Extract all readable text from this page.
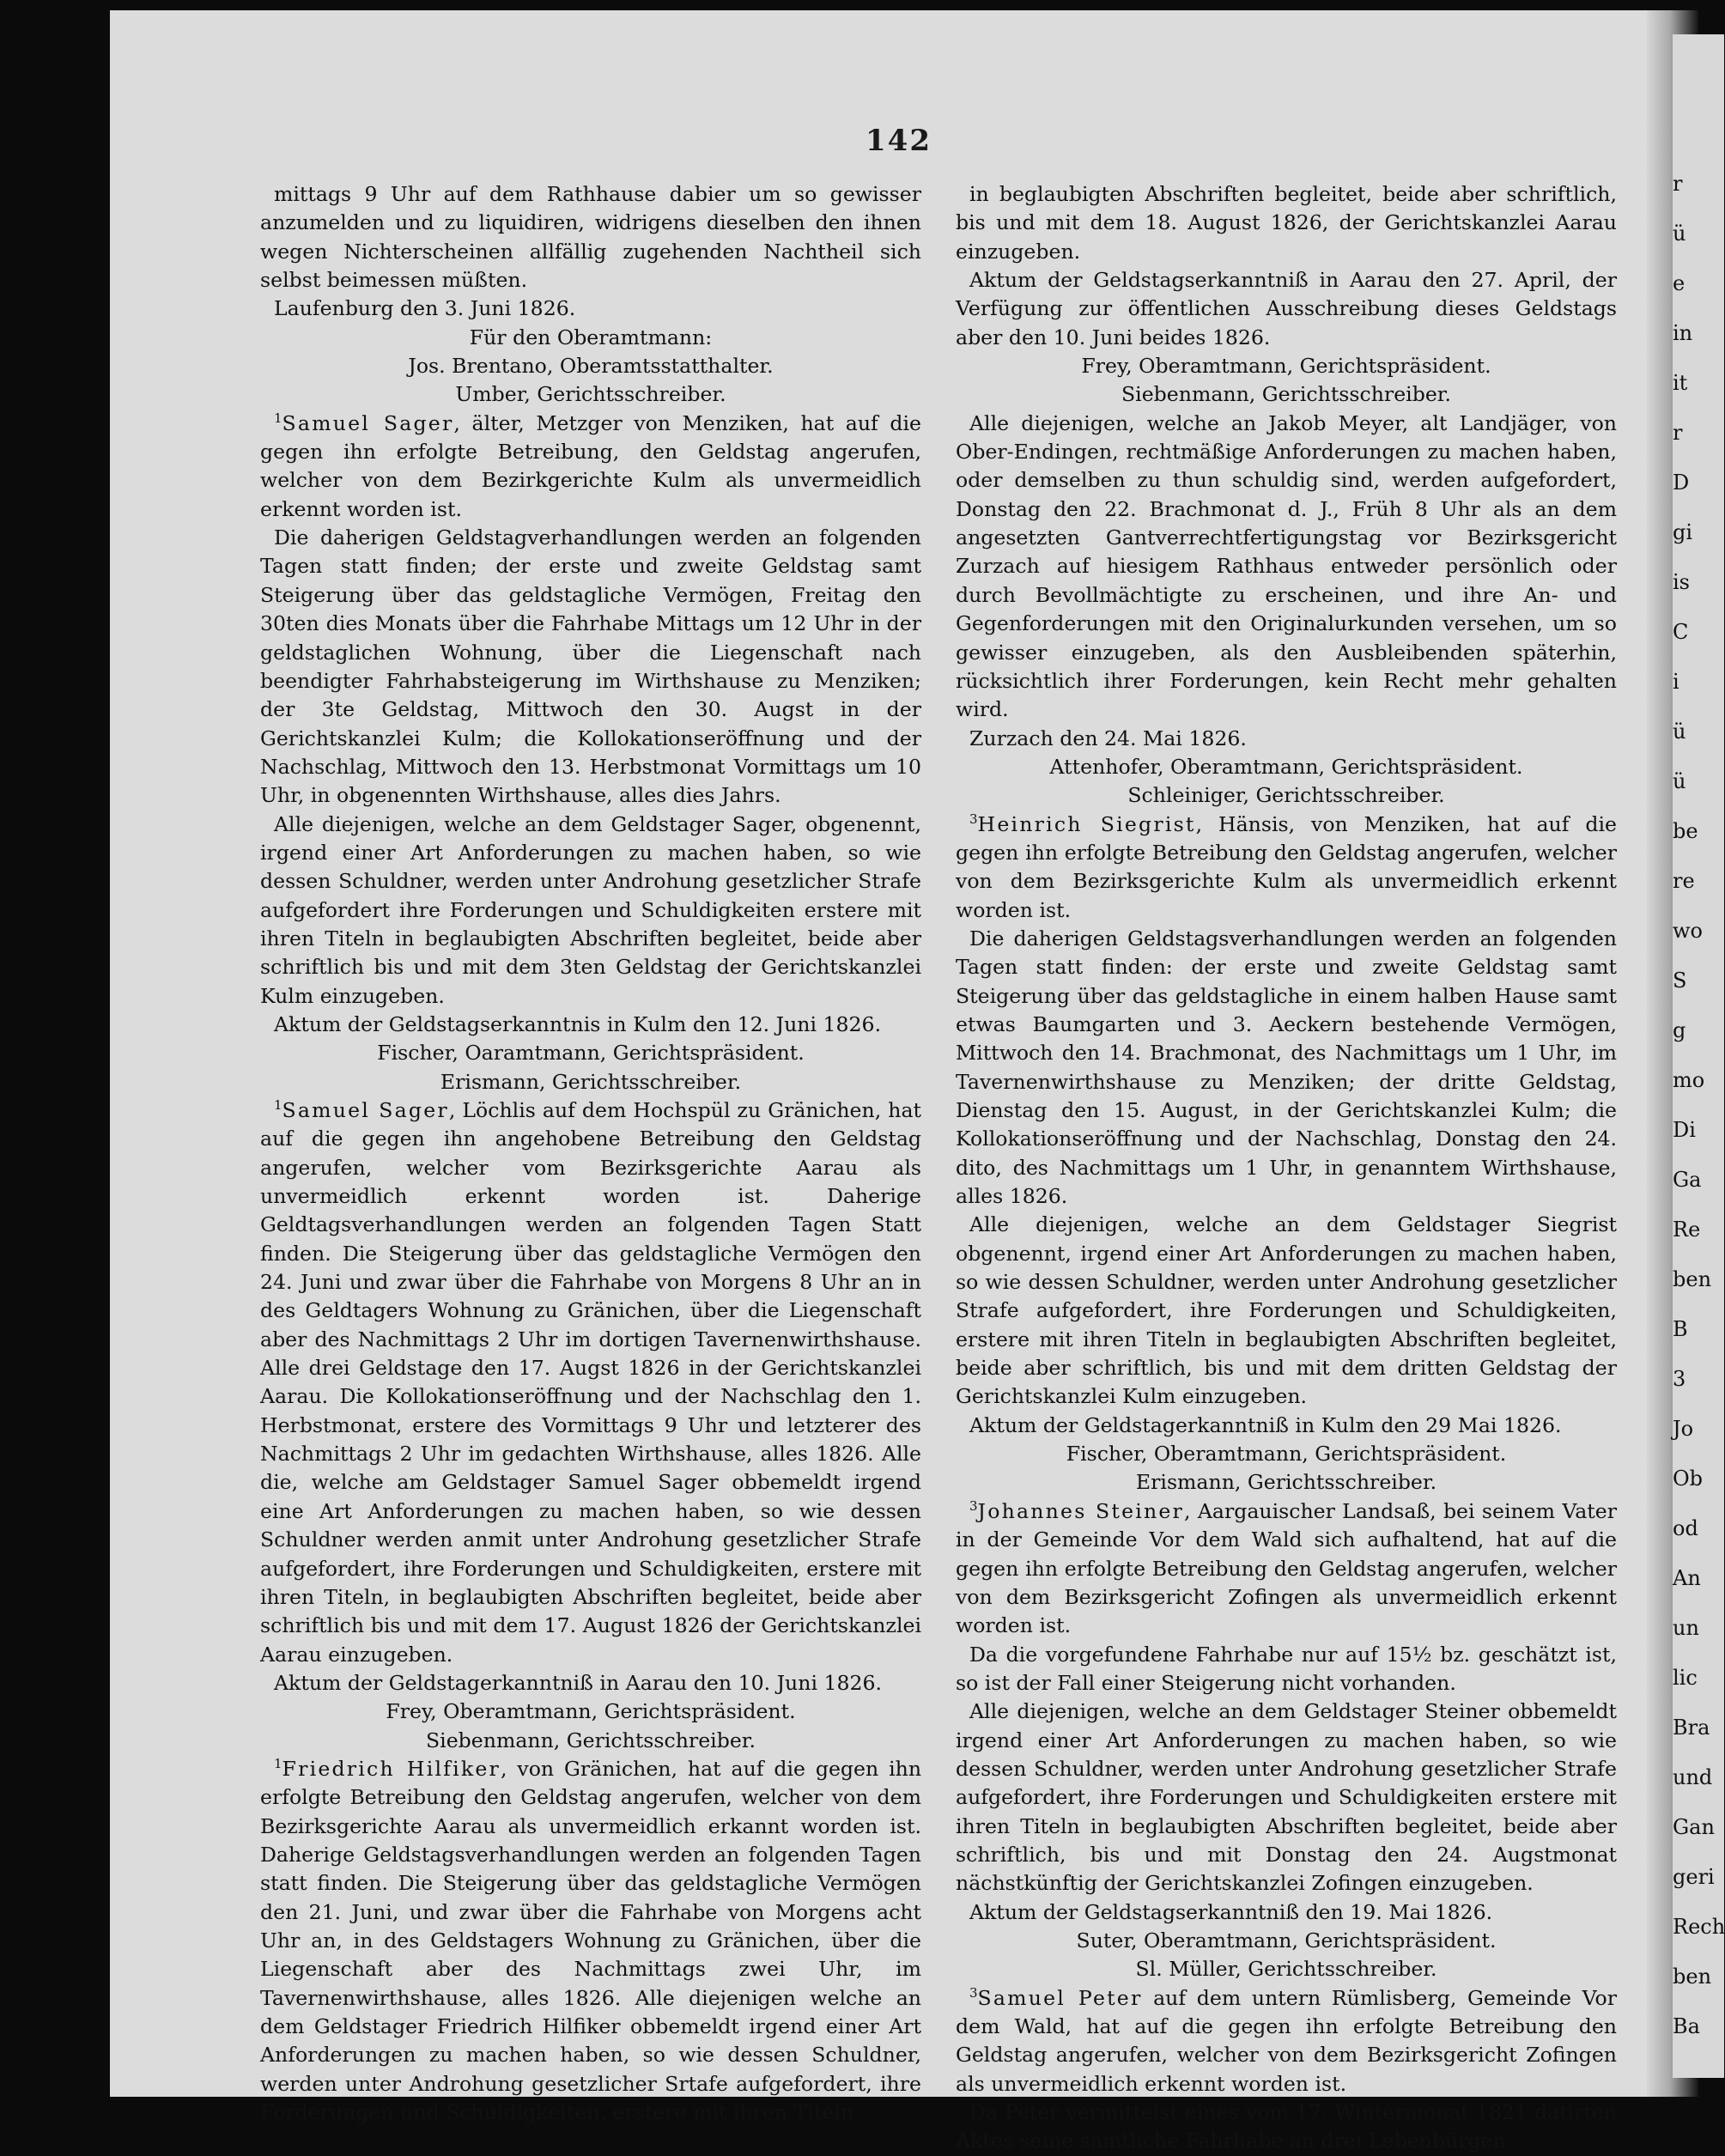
142

mittags 9 Uhr auf dem Rathhause dabier um so gewisser anzumelden und zu liquidiren, widrigens dieselben den ihnen wegen Nichterscheinen allfällig zugehenden Nachtheil sich selbst beimessen müßten.

Laufenburg den 3. Juni 1826.

Für den Oberamtmann:

Jos. Brentano, Oberamtsstatthalter.

Umber, Gerichtsschreiber.

$^1$Samuel Sager, älter, Metzger von Menziken, hat auf die gegen ihn erfolgte Betreibung, den Geldstag angerufen, welcher von dem Bezirkgerichte Kulm als unvermeidlich erkennt worden ist.

Die daherigen Geldstagverhandlungen werden an folgenden Tagen statt finden; der erste und zweite Geldstag samt Steigerung über das geldstagliche Vermögen, Freitag den 30ten dies Monats über die Fahrhabe Mittags um 12 Uhr in der geldstaglichen Wohnung, über die Liegenschaft nach beendigter Fahrhabsteigerung im Wirthshause zu Menziken; der 3te Geldstag, Mittwoch den 30. Augst in der Gerichtskanzlei Kulm; die Kollokationseröffnung und der Nachschlag, Mittwoch den 13. Herbstmonat Vormittags um 10 Uhr, in obgenennten Wirthshause, alles dies Jahrs.

Alle diejenigen, welche an dem Geldstager Sager, obgenennt, irgend einer Art Anforderungen zu machen haben, so wie dessen Schuldner, werden unter Androhung gesetzlicher Strafe aufgefordert ihre Forderungen und Schuldigkeiten erstere mit ihren Titeln in beglaubigten Abschriften begleitet, beide aber schriftlich bis und mit dem 3ten Geldstag der Gerichtskanzlei Kulm einzugeben.

Aktum der Geldstagserkanntnis in Kulm den 12. Juni 1826.

Fischer, Oaramtmann, Gerichtspräsident.

Erismann, Gerichtsschreiber.

$^1$Samuel Sager, Löchlis auf dem Hochspül zu Gränichen, hat auf die gegen ihn angehobene Betreibung den Geldstag angerufen, welcher vom Bezirksgerichte Aarau als unvermeidlich erkennt worden ist. Daherige Geldtagsverhandlungen werden an folgenden Tagen Statt finden. Die Steigerung über das geldstagliche Vermögen den 24. Juni und zwar über die Fahrhabe von Morgens 8 Uhr an in des Geldtagers Wohnung zu Gränichen, über die Liegenschaft aber des Nachmittags 2 Uhr im dortigen Tavernenwirthshause. Alle drei Geldstage den 17. Augst 1826 in der Gerichtskanzlei Aarau. Die Kollokationseröffnung und der Nachschlag den 1. Herbstmonat, erstere des Vormittags 9 Uhr und letzterer des Nachmittags 2 Uhr im gedachten Wirthshause, alles 1826. Alle die, welche am Geldstager Samuel Sager obbemeldt irgend eine Art Anforderungen zu machen haben, so wie dessen Schuldner werden anmit unter Androhung gesetzlicher Strafe aufgefordert, ihre Forderungen und Schuldigkeiten, erstere mit ihren Titeln, in beglaubigten Abschriften begleitet, beide aber schriftlich bis und mit dem 17. August 1826 der Gerichtskanzlei Aarau einzugeben.

Aktum der Geldstagerkanntniß in Aarau den 10. Juni 1826.

Frey, Oberamtmann, Gerichtspräsident.

Siebenmann, Gerichtsschreiber.

$^1$Friedrich Hilfiker, von Gränichen, hat auf die gegen ihn erfolgte Betreibung den Geldstag angerufen, welcher von dem Bezirksgerichte Aarau als unvermeidlich erkannt worden ist. Daherige Geldstagsverhandlungen werden an folgenden Tagen statt finden. Die Steigerung über das geldstagliche Vermögen den 21. Juni, und zwar über die Fahrhabe von Morgens acht Uhr an, in des Geldstagers Wohnung zu Gränichen, über die Liegenschaft aber des Nachmittags zwei Uhr, im Tavernenwirthshause, alles 1826. Alle diejenigen welche an dem Geldstager Friedrich Hilfiker obbemeldt irgend einer Art Anforderungen zu machen haben, so wie dessen Schuldner, werden unter Androhung gesetzlicher Srtafe aufgefordert, ihre Forderungen und Schuldigkeiten, erstere mit ihren Titeln

in beglaubigten Abschriften begleitet, beide aber schriftlich, bis und mit dem 18. August 1826, der Gerichtskanzlei Aarau einzugeben.

Aktum der Geldstagserkanntniß in Aarau den 27. April, der Verfügung zur öffentlichen Ausschreibung dieses Geldstags aber den 10. Juni beides 1826.

Frey, Oberamtmann, Gerichtspräsident.

Siebenmann, Gerichtsschreiber.

Alle diejenigen, welche an Jakob Meyer, alt Landjäger, von Ober-Endingen, rechtmäßige Anforderungen zu machen haben, oder demselben zu thun schuldig sind, werden aufgefordert, Donstag den 22. Brachmonat d. J., Früh 8 Uhr als an dem angesetzten Gantverrechtfertigungstag vor Bezirksgericht Zurzach auf hiesigem Rathhaus entweder persönlich oder durch Bevollmächtigte zu erscheinen, und ihre An- und Gegenforderungen mit den Originalurkunden versehen, um so gewisser einzugeben, als den Ausbleibenden späterhin, rücksichtlich ihrer Forderungen, kein Recht mehr gehalten wird.

Zurzach den 24. Mai 1826.

Attenhofer, Oberamtmann, Gerichtspräsident.

Schleiniger, Gerichtsschreiber.

$^3$Heinrich Siegrist, Hänsis, von Menziken, hat auf die gegen ihn erfolgte Betreibung den Geldstag angerufen, welcher von dem Bezirksgerichte Kulm als unvermeidlich erkennt worden ist.

Die daherigen Geldstagsverhandlungen werden an folgenden Tagen statt finden: der erste und zweite Geldstag samt Steigerung über das geldstagliche in einem halben Hause samt etwas Baumgarten und 3. Aeckern bestehende Vermögen, Mittwoch den 14. Brachmonat, des Nachmittags um 1 Uhr, im Tavernenwirthshause zu Menziken; der dritte Geldstag, Dienstag den 15. August, in der Gerichtskanzlei Kulm; die Kollokationseröffnung und der Nachschlag, Donstag den 24. dito, des Nachmittags um 1 Uhr, in genanntem Wirthshause, alles 1826.

Alle diejenigen, welche an dem Geldstager Siegrist obgenennt, irgend einer Art Anforderungen zu machen haben, so wie dessen Schuldner, werden unter Androhung gesetzlicher Strafe aufgefordert, ihre Forderungen und Schuldigkeiten, erstere mit ihren Titeln in beglaubigten Abschriften begleitet, beide aber schriftlich, bis und mit dem dritten Geldstag der Gerichtskanzlei Kulm einzugeben.

Aktum der Geldstagerkanntniß in Kulm den 29 Mai 1826.

Fischer, Oberamtmann, Gerichtspräsident.

Erismann, Gerichtsschreiber.

$^3$Johannes Steiner, Aargauischer Landsaß, bei seinem Vater in der Gemeinde Vor dem Wald sich aufhaltend, hat auf die gegen ihn erfolgte Betreibung den Geldstag angerufen, welcher von dem Bezirksgericht Zofingen als unvermeidlich erkennt worden ist.

Da die vorgefundene Fahrhabe nur auf 15½ bz. geschätzt ist, so ist der Fall einer Steigerung nicht vorhanden.

Alle diejenigen, welche an dem Geldstager Steiner obbemeldt irgend einer Art Anforderungen zu machen haben, so wie dessen Schuldner, werden unter Androhung gesetzlicher Strafe aufgefordert, ihre Forderungen und Schuldigkeiten erstere mit ihren Titeln in beglaubigten Abschriften begleitet, beide aber schriftlich, bis und mit Donstag den 24. Augstmonat nächstkünftig der Gerichtskanzlei Zofingen einzugeben.

Aktum der Geldstagserkanntniß den 19. Mai 1826.

Suter, Oberamtmann, Gerichtspräsident.

Sl. Müller, Gerichtsschreiber.

$^3$Samuel Peter auf dem untern Rümlisberg, Gemeinde Vor dem Wald, hat auf die gegen ihn erfolgte Betreibung den Geldstag angerufen, welcher von dem Bezirksgericht Zofingen als unvermeidlich erkennt worden ist.

Da Peter vermittelst eines vom 17. Wintermonat 1821 datirten Aktes seine sämtliche Fahrhabe an drei Lebenbürgen

r
ü
e
in
it
r
D
gi
is
C
i
ü
ü
be
re
wo
S
g
mo
Di
Ga
Re
ben
B
3
Jo
Ob
od
An
un
lic
Bra
und
Gan
geri
Rech
ben
Ba
